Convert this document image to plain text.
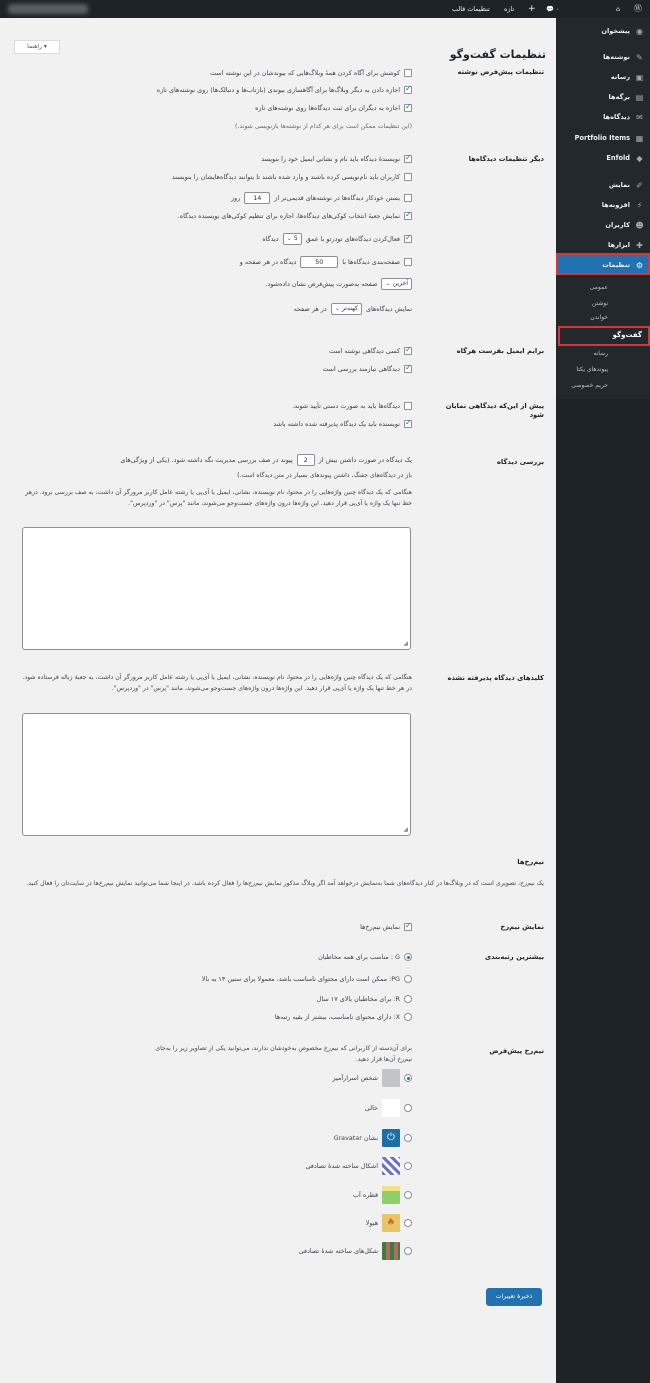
💬 ۰
+
تازه
تنظیمات قالب	⌂ Ⓦ
◉
پیشخوان
✎
نوشته‌ها
▣
رسانه
▤
برگه‌ها
✉
دیدگاه‌ها
▦
Portfolio Items
◆
Enfold
✐
نمایش
⚡
افزونه‌ها
☻
کاربران
✚
ابزارها
⚙
تنظیمات
عمومی
نوشتن
خواندن
گفت‌وگو
رسانه
پیوندهای یکتا
حریم خصوصی
راهنما ▾
تنظیمات گفت‌وگو
تنظیمات پیش‌فرض نوشته
کوشش برای آگاه کردن همهٔ وبلاگ‌هایی که بیوندشان در این نوشته است
✓
اجازه دادن به دیگر وبلاگ‌ها برای آگاهسازی بیوندی (بازتاب‌ها و دنبالک‌ها) روی نوشته‌های تازه
✓
اجازه به دیگران برای ثبت دیدگاه‌ها روی نوشته‌های تازه
(این تنظیمات ممکن است برای هر کدام از نوشته‌ها بازنویسی شوند.)
دیگر تنظیمات دیدگاه‌ها
✓
نویسندهٔ دیدگاه باید نام و نشانی ایمیل خود را بنویسد
کاربران باید نام‌نویسی کرده باشند و وارد شده باشند تا بتوانند دیدگاه‌هایشان را بنویسند
بستن خودکار دیدگاه‌ها در نوشته‌های قدیمی‌تر از
14
روز
✓
نمایش جعبهٔ انتخاب کوکی‌های دیدگاه‌ها، اجازه برای تنظیم کوکی‌های نویسنده دیدگاه.
✓
فعال‌کردن دیدگاه‌های تودرتو با عمق
5 ⌄
دیدگاه
صفحه‌بندی دیدگاه‌ها با
50
دیدگاه در هر صفحه و
آخرین ⌄
صفحه به‌صورت پیش‌فرض نشان داده‌شود.
نمایش دیدگاه‌های
کهنه‌تر ⌄
در هر صفحه
برایم ایمیل بفرست هرگاه
✓
کسی دیدگاهی نوشته است
✓
دیدگاهی نیازمند بررسی است
پیش از این‌که دیدگاهی نمایان شود
دیدگاه‌ها باید به صورت دستی تأیید شوند.
✓
نویسنده باید یک دیدگاه پذیرفته شده داشته باشد
بررسی دیدگاه
یک دیدگاه در صورت داشتن بیش از
2
پیوند در صف بررسی مدیریت نگه داشته شود. (یکی از ویژگی‌های
باز در دیدگاه‌های جفنگ، داشتن پیوندهای بسیار در متن دیدگاه است.)
هنگامی که یک دیدگاه چنین واژه‌هایی را در محتوا، نام نویسنده، نشانی، ایمیل یا آی‌پی یا رشته عامل کاربر مرورگر آن داشت، به صف بررسی برود. درهر خط تنها یک واژه یا آی‌پی قرار دهید. این واژه‌ها درون واژه‌های جست‌وجو می‌شوند، مانند "پرس" در "وردپرس".
◢
کلیدهای دیدگاه پذیرفته نشده
هنگامی که یک دیدگاه چنین واژه‌هایی را در محتوا، نام نویسنده، نشانی، ایمیل یا آی‌پی یا رشته عامل کاربر مرورگر آن داشت، به جعبهٔ زباله فرستاده شود. در هر خط تنها یک واژه یا آی‌پی قرار دهید. این واژه‌ها درون واژه‌های جست‌وجو می‌شوند، مانند "پرس" در "وردپرس".
◢
نیم‌رخ‌ها
یک نیم‌رخ، تصویری است که در وبلاگ‌ها در کنار دیدگاه‌های شما به‌نمایش درخواهد آمد اگر وبلاگ مذکور نمایش نیم‌رخ‌ها را فعال کرده باشد. در اینجا شما می‌توانید نمایش نیم‌رخ‌ها در سایت‌تان را فعال کنید.
نمایش نیم‌رخ
✓
نمایش نیم‌رخ‌ها
بیشترین رتبه‌بندی
G : مناسب برای همه مخاطبان
PG: ممکن است دارای محتوای نامناسب باشد، معمولا برای سنین ۱۳ به بالا
R: برای مخاطبان بالای ۱۷ سال
X: دارای محتوای نامناسب، بیشتر از بقیه رتبه‌ها
نیم‌رخ پیش‌فرض
برای آن‌دسته از کاربرانی که نیم‌رخ مخصوص به‌خودشان ندارند، می‌توانید یکی از تصاویر زیر را به‌جای نیم‌رخ آن‌ها قرار دهید.
شخص اسرارآمیز
خالی
⏻
نشان Gravatar
اشکال ساخته شدهٔ تصادفی
قطره آب
♠
هیولا
شکل‌های ساخته شدهٔ تصادفی
ذخیرهٔ تغییرات
